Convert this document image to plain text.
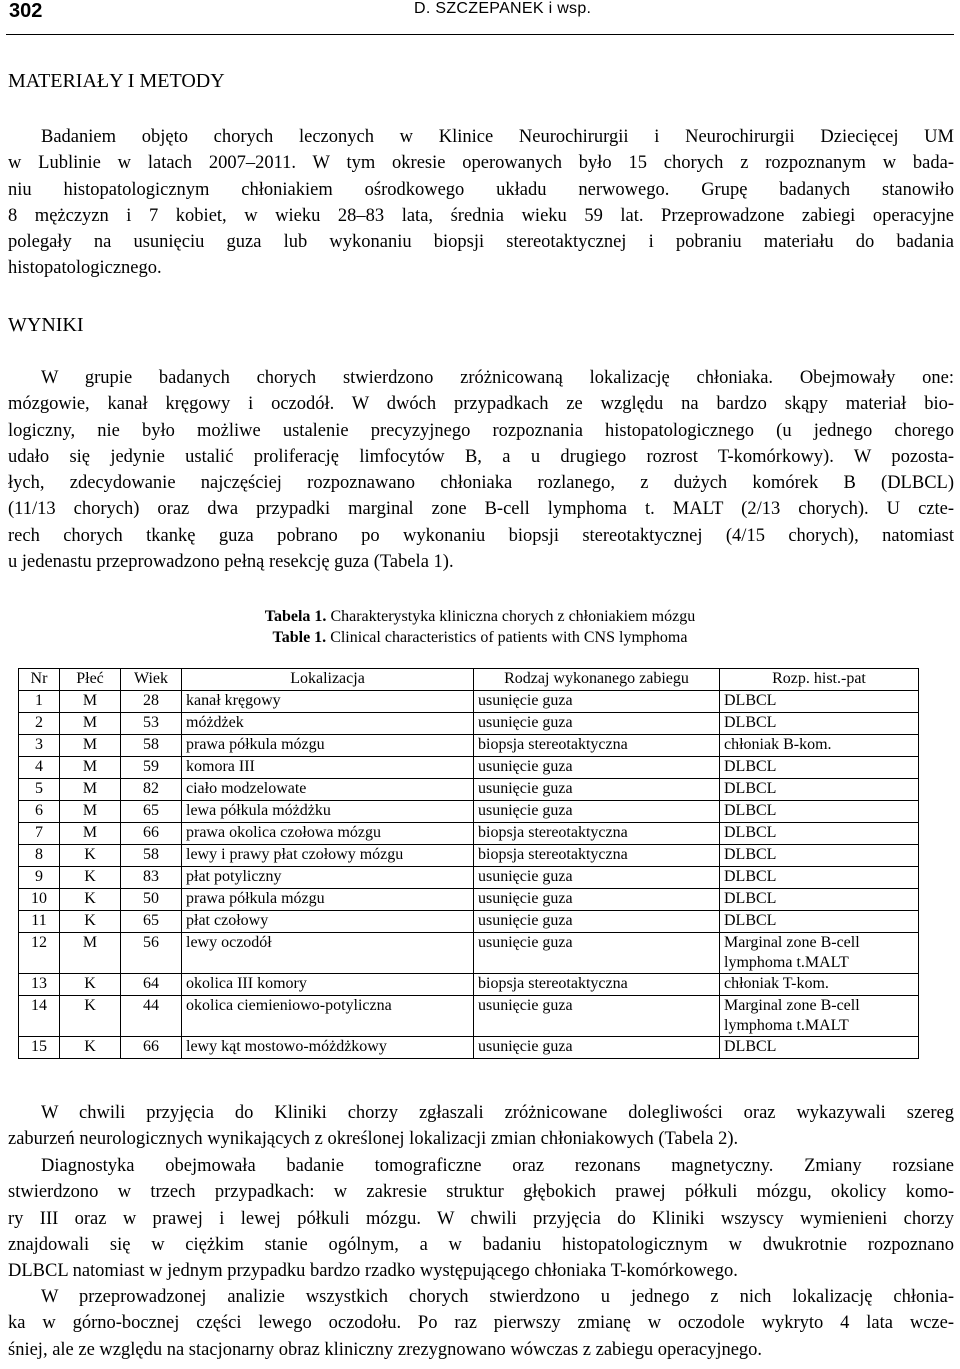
302	D. SZCZEPANEK i wsp.
MATERIAŁY I METODY
Badaniem objęto chorych leczonych w Klinice Neurochirurgii i Neurochirurgii Dziecięcej UM
w Lublinie w latach 2007–2011. W tym okresie operowanych było 15 chorych z rozpoznanym w bada-
niu histopatologicznym chłoniakiem ośrodkowego układu nerwowego. Grupę badanych stanowiło
8 mężczyzn i 7 kobiet, w wieku 28–83 lata, średnia wieku 59 lat. Przeprowadzone zabiegi operacyjne
polegały na usunięciu guza lub wykonaniu biopsji stereotaktycznej i pobraniu materiału do badania
histopatologicznego.
WYNIKI
W grupie badanych chorych stwierdzono zróżnicowaną lokalizację chłoniaka. Obejmowały one:
mózgowie, kanał kręgowy i oczodół. W dwóch przypadkach ze względu na bardzo skąpy materiał bio-
logiczny, nie było możliwe ustalenie precyzyjnego rozpoznania histopatologicznego (u jednego chorego
udało się jedynie ustalić proliferację limfocytów B, a u drugiego rozrost T-komórkowy). W pozosta-
łych, zdecydowanie najczęściej rozpoznawano chłoniaka rozlanego, z dużych komórek B (DLBCL)
(11/13 chorych) oraz dwa przypadki marginal zone B-cell lymphoma t. MALT (2/13 chorych). U czte-
rech chorych tkankę guza pobrano po wykonaniu biopsji stereotaktycznej (4/15 chorych), natomiast
u jedenastu przeprowadzono pełną resekcję guza (Tabela 1).
Tabela 1. Charakterystyka kliniczna chorych z chłoniakiem mózgu
Table 1. Clinical characteristics of patients with CNS lymphoma
Nr	Płeć	Wiek	Lokalizacja	Rodzaj wykonanego zabiegu	Rozp. hist.-pat
1	M	28	kanał kręgowy	usunięcie guza	DLBCL
2	M	53	móżdżek	usunięcie guza	DLBCL
3	M	58	prawa półkula mózgu	biopsja stereotaktyczna	chłoniak B-kom.
4	M	59	komora III	usunięcie guza	DLBCL
5	M	82	ciało modzelowate	usunięcie guza	DLBCL
6	M	65	lewa półkula móżdżku	usunięcie guza	DLBCL
7	M	66	prawa okolica czołowa mózgu	biopsja stereotaktyczna	DLBCL
8	K	58	lewy i prawy płat czołowy mózgu	biopsja stereotaktyczna	DLBCL
9	K	83	płat potyliczny	usunięcie guza	DLBCL
10	K	50	prawa półkula mózgu	usunięcie guza	DLBCL
11	K	65	płat czołowy	usunięcie guza	DLBCL
12	M	56	lewy oczodół	usunięcie guza	Marginal zone B-cell lymphoma t.MALT
13	K	64	okolica III komory	biopsja stereotaktyczna	chłoniak T-kom.
14	K	44	okolica ciemieniowo-potyliczna	usunięcie guza	Marginal zone B-cell lymphoma t.MALT
15	K	66	lewy kąt mostowo-móżdżkowy	usunięcie guza	DLBCL
W chwili przyjęcia do Kliniki chorzy zgłaszali zróżnicowane dolegliwości oraz wykazywali szereg
zaburzeń neurologicznych wynikających z określonej lokalizacji zmian chłoniakowych (Tabela 2).
Diagnostyka obejmowała badanie tomograficzne oraz rezonans magnetyczny. Zmiany rozsiane
stwierdzono w trzech przypadkach: w zakresie struktur głębokich prawej półkuli mózgu, okolicy komo-
ry III oraz w prawej i lewej półkuli mózgu. W chwili przyjęcia do Kliniki wszyscy wymienieni chorzy
znajdowali się w ciężkim stanie ogólnym, a w badaniu histopatologicznym w dwukrotnie rozpoznano
DLBCL natomiast w jednym przypadku bardzo rzadko występującego chłoniaka T-komórkowego.
W przeprowadzonej analizie wszystkich chorych stwierdzono u jednego z nich lokalizację chłonia-
ka w górno-bocznej części lewego oczodołu. Po raz pierwszy zmianę w oczodole wykryto 4 lata wcze-
śniej, ale ze względu na stacjonarny obraz kliniczny zrezygnowano wówczas z zabiegu operacyjnego.
